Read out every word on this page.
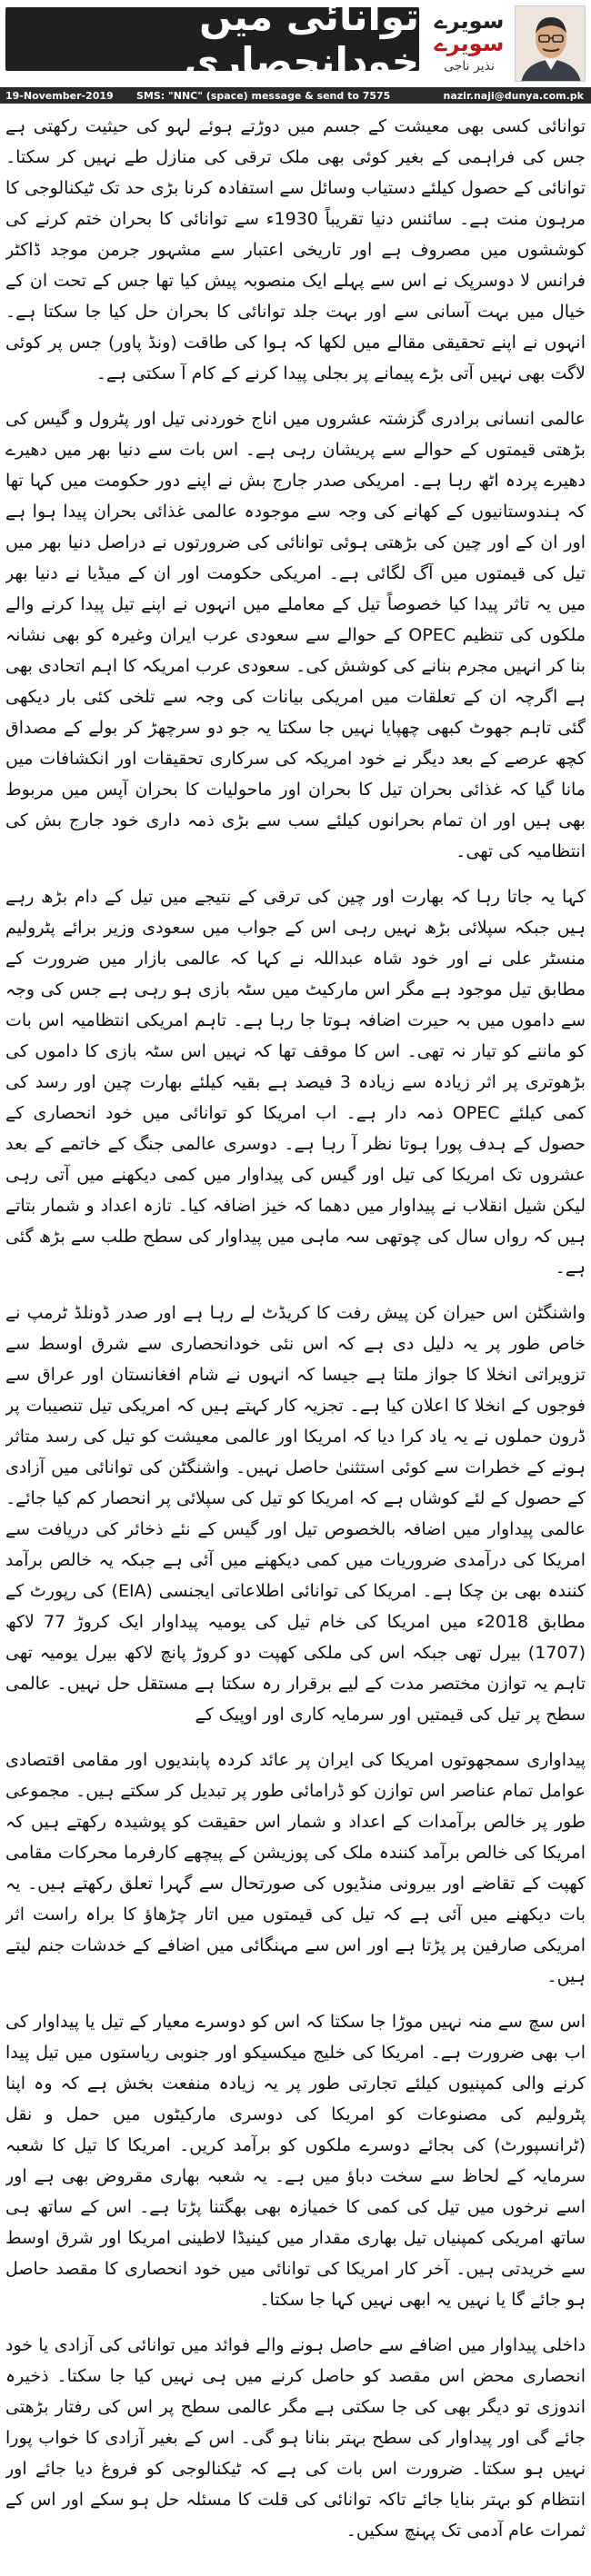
توانائی میں خودانحصاری
سویرے
سویرے
نذیر ناجی
19-November-2019 SMS: "NNC" (space) message & send to 7575	nazir.naji@dunya.com.pk

توانائی کسی بھی معیشت کے جسم میں دوڑتے ہوئے لہو کی حیثیت رکھتی ہے جس کی فراہمی کے بغیر کوئی بھی ملک ترقی کی منازل طے نہیں کر سکتا۔ توانائی کے حصول کیلئے دستیاب وسائل سے استفادہ کرنا بڑی حد تک ٹیکنالوجی کا مرہون منت ہے۔ سائنس دنیا تقریباً 1930ء سے توانائی کا بحران ختم کرنے کی کوششوں میں مصروف ہے اور تاریخی اعتبار سے مشہور جرمن موجد ڈاکٹر فرانس لا دوسرپک نے اس سے پہلے ایک منصوبہ پیش کیا تھا جس کے تحت ان کے خیال میں بہت آسانی سے اور بہت جلد توانائی کا بحران حل کیا جا سکتا ہے۔ انہوں نے اپنے تحقیقی مقالے میں لکھا کہ ہوا کی طاقت (ونڈ پاور) جس پر کوئی لاگت بھی نہیں آتی بڑے پیمانے پر بجلی پیدا کرنے کے کام آ سکتی ہے۔

عالمی انسانی برادری گزشتہ عشروں میں اناج خوردنی تیل اور پٹرول و گیس کی بڑھتی قیمتوں کے حوالے سے پریشان رہی ہے۔ اس بات سے دنیا بھر میں دھیرے دھیرے پردہ اٹھ رہا ہے۔ امریکی صدر جارج بش نے اپنے دور حکومت میں کہا تھا کہ ہندوستانیوں کے کھانے کی وجہ سے موجودہ عالمی غذائی بحران پیدا ہوا ہے اور ان کے اور چین کی بڑھتی ہوئی توانائی کی ضرورتوں نے دراصل دنیا بھر میں تیل کی قیمتوں میں آگ لگائی ہے۔ امریکی حکومت اور ان کے میڈیا نے دنیا بھر میں یہ تاثر پیدا کیا خصوصاً تیل کے معاملے میں انہوں نے اپنے تیل پیدا کرنے والے ملکوں کی تنظیم OPEC کے حوالے سے سعودی عرب ایران وغیرہ کو بھی نشانہ بنا کر انہیں مجرم بنانے کی کوشش کی۔ سعودی عرب امریکہ کا اہم اتحادی بھی ہے اگرچہ ان کے تعلقات میں امریکی بیانات کی وجہ سے تلخی کئی بار دیکھی گئی تاہم جھوٹ کبھی چھپایا نہیں جا سکتا یہ جو دو سرچھڑ کر بولے کے مصداق کچھ عرصے کے بعد دیگر نے خود امریکہ کی سرکاری تحقیقات اور انکشافات میں مانا گیا کہ غذائی بحران تیل کا بحران اور ماحولیات کا بحران آپس میں مربوط بھی ہیں اور ان تمام بحرانوں کیلئے سب سے بڑی ذمہ داری خود جارج بش کی انتظامیہ کی تھی۔

کہا یہ جاتا رہا کہ بھارت اور چین کی ترقی کے نتیجے میں تیل کے دام بڑھ رہے ہیں جبکہ سپلائی بڑھ نہیں رہی اس کے جواب میں سعودی وزیر برائے پٹرولیم منسٹر علی نے اور خود شاہ عبداللہ نے کہا کہ عالمی بازار میں ضرورت کے مطابق تیل موجود ہے مگر اس مارکیٹ میں سٹہ بازی ہو رہی ہے جس کی وجہ سے داموں میں بہ حیرت اضافہ ہوتا جا رہا ہے۔ تاہم امریکی انتظامیہ اس بات کو ماننے کو تیار نہ تھی۔ اس کا موقف تھا کہ نہیں اس سٹہ بازی کا داموں کی بڑھوتری پر اثر زیادہ سے زیادہ 3 فیصد ہے بقیہ کیلئے بھارت چین اور رسد کی کمی کیلئے OPEC ذمہ دار ہے۔ اب امریکا کو توانائی میں خود انحصاری کے حصول کے ہدف پورا ہوتا نظر آ رہا ہے۔ دوسری عالمی جنگ کے خاتمے کے بعد عشروں تک امریکا کی تیل اور گیس کی پیداوار میں کمی دیکھنے میں آتی رہی لیکن شیل انقلاب نے پیداوار میں دھما کہ خیز اضافہ کیا۔ تازہ اعداد و شمار بتاتے ہیں کہ رواں سال کی چوتھی سہ ماہی میں پیداوار کی سطح طلب سے بڑھ گئی ہے۔

واشنگٹن اس حیران کن پیش رفت کا کریڈٹ لے رہا ہے اور صدر ڈونلڈ ٹرمپ نے خاص طور پر یہ دلیل دی ہے کہ اس نئی خودانحصاری سے شرق اوسط سے تزویراتی انخلا کا جواز ملتا ہے جیسا کہ انہوں نے شام افغانستان اور عراق سے فوجوں کے انخلا کا اعلان کیا ہے۔ تجزیہ کار کہتے ہیں کہ امریکی تیل تنصیبات پر ڈرون حملوں نے یہ یاد کرا دیا کہ امریکا اور عالمی معیشت کو تیل کی رسد متاثر ہونے کے خطرات سے کوئی استثنیٰ حاصل نہیں۔ واشنگٹن کی توانائی میں آزادی کے حصول کے لئے کوشاں ہے کہ امریکا کو تیل کی سپلائی پر انحصار کم کیا جائے۔ عالمی پیداوار میں اضافہ بالخصوص تیل اور گیس کے نئے ذخائر کی دریافت سے امریکا کی درآمدی ضروریات میں کمی دیکھنے میں آئی ہے جبکہ یہ خالص برآمد کنندہ بھی بن چکا ہے۔ امریکا کی توانائی اطلاعاتی ایجنسی (EIA) کی رپورٹ کے مطابق 2018ء میں امریکا کی خام تیل کی یومیہ پیداوار ایک کروڑ 77 لاکھ (1707) بیرل تھی جبکہ اس کی ملکی کھپت دو کروڑ پانچ لاکھ بیرل یومیہ تھی تاہم یہ توازن مختصر مدت کے لیے برقرار رہ سکتا ہے مستقل حل نہیں۔ عالمی سطح پر تیل کی قیمتیں اور سرمایہ کاری اور اوپیک کے

پیداواری سمجھوتوں امریکا کی ایران پر عائد کردہ پابندیوں اور مقامی اقتصادی عوامل تمام عناصر اس توازن کو ڈرامائی طور پر تبدیل کر سکتے ہیں۔ مجموعی طور پر خالص برآمدات کے اعداد و شمار اس حقیقت کو پوشیدہ رکھتے ہیں کہ امریکا کی خالص برآمد کنندہ ملک کی پوزیشن کے پیچھے کارفرما محرکات مقامی کھپت کے تقاضے اور بیرونی منڈیوں کی صورتحال سے گہرا تعلق رکھتے ہیں۔ یہ بات دیکھنے میں آئی ہے کہ تیل کی قیمتوں میں اتار چڑھاؤ کا براہ راست اثر امریکی صارفین پر پڑتا ہے اور اس سے مہنگائی میں اضافے کے خدشات جنم لیتے ہیں۔

اس سچ سے منہ نہیں موڑا جا سکتا کہ اس کو دوسرے معیار کے تیل یا پیداوار کی اب بھی ضرورت ہے۔ امریکا کی خلیج میکسیکو اور جنوبی ریاستوں میں تیل پیدا کرنے والی کمپنیوں کیلئے تجارتی طور پر یہ زیادہ منفعت بخش ہے کہ وہ اپنا پٹرولیم کی مصنوعات کو امریکا کی دوسری مارکیٹوں میں حمل و نقل (ٹرانسپورٹ) کی بجائے دوسرے ملکوں کو برآمد کریں۔ امریکا کا تیل کا شعبہ سرمایہ کے لحاظ سے سخت دباؤ میں ہے۔ یہ شعبہ بھاری مقروض بھی ہے اور اسے نرخوں میں تیل کی کمی کا خمیازہ بھی بھگتنا پڑتا ہے۔ اس کے ساتھ ہی ساتھ امریکی کمپنیاں تیل بھاری مقدار میں کینیڈا لاطینی امریکا اور شرق اوسط سے خریدتی ہیں۔ آخر کار امریکا کی توانائی میں خود انحصاری کا مقصد حاصل ہو جائے گا یا نہیں یہ ابھی نہیں کہا جا سکتا۔

داخلی پیداوار میں اضافے سے حاصل ہونے والے فوائد میں توانائی کی آزادی یا خود انحصاری محض اس مقصد کو حاصل کرنے میں ہی نہیں کیا جا سکتا۔ ذخیرہ اندوزی تو دیگر بھی کی جا سکتی ہے مگر عالمی سطح پر اس کی رفتار بڑھتی جائے گی اور پیداوار کی سطح بہتر بنانا ہو گی۔ اس کے بغیر آزادی کا خواب پورا نہیں ہو سکتا۔ ضرورت اس بات کی ہے کہ ٹیکنالوجی کو فروغ دیا جائے اور انتظام کو بہتر بنایا جائے تاکہ توانائی کی قلت کا مسئلہ حل ہو سکے اور اس کے ثمرات عام آدمی تک پہنچ سکیں۔
